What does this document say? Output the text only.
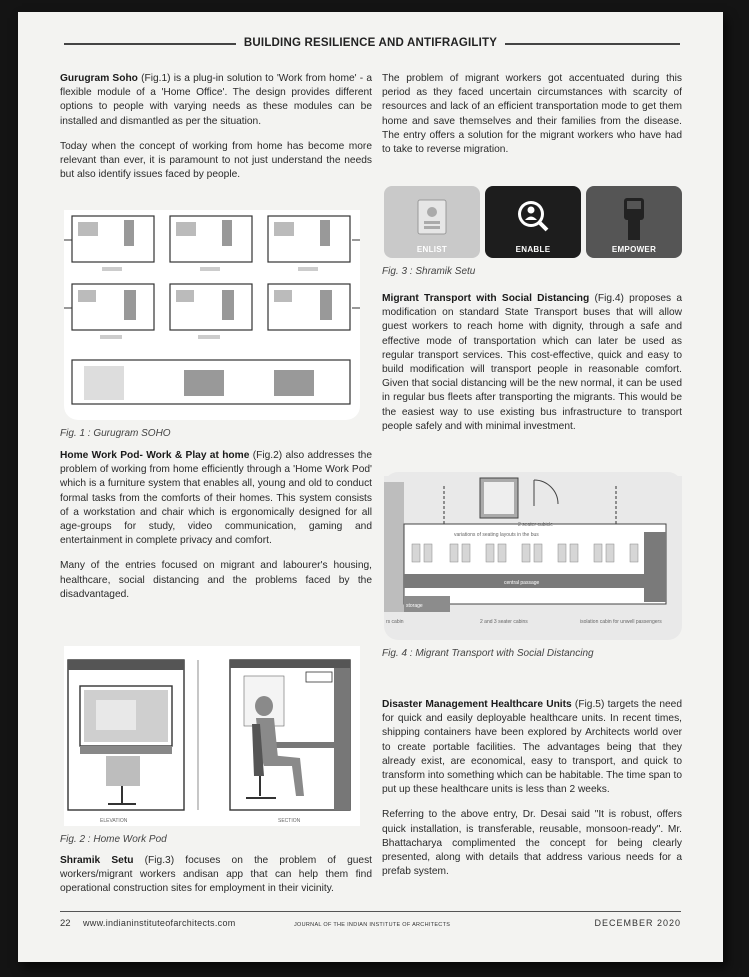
BUILDING RESILIENCE AND ANTIFRAGILITY

Gurugram Soho (Fig.1) is a plug-in solution to 'Work from home' - a flexible module of a 'Home Office'. The design provides different options to people with varying needs as these modules can be installed and dismantled as per the situation.

Today when the concept of working from home has become more relevant than ever, it is paramount to not just understand the needs but also identify issues faced by people.

Fig. 1 : Gurugram SOHO

Home Work Pod- Work & Play at home (Fig.2) also addresses the problem of working from home efficiently through a 'Home Work Pod' which is a furniture system that enables all, young and old to conduct formal tasks from the comforts of their homes. This system consists of a workstation and chair which is ergonomically designed for all age-groups for study, video communication, gaming and entertainment in complete privacy and comfort.

Many of the entries focused on migrant and labourer's housing, healthcare, social distancing and the problems faced by the disadvantaged.

ELEVATION	SECTION
Fig. 2 : Home Work Pod

Shramik Setu (Fig.3) focuses on the problem of guest workers/migrant workers andisan app that can help them find operational construction sites for employment in their vicinity.

The problem of migrant workers got accentuated during this period as they faced uncertain circumstances with scarcity of resources and lack of an efficient transportation mode to get them home and save themselves and their families from the disease. The entry offers a solution for the migrant workers who have had to take to reverse migration.

ENLIST	ENABLE	EMPOWER
Fig. 3 : Shramik Setu

Migrant Transport with Social Distancing (Fig.4) proposes a modification on standard State Transport buses that will allow guest workers to reach home with dignity, through a safe and effective mode of transportation which can later be used as regular transport services. This cost-effective, quick and easy to build modification will transport people in reasonable comfort. Given that social distancing will be the new normal, it can be used in regular bus fleets after transporting the migrants. This would be the easiest way to use existing bus infrastructure to transport people safely and with minimal investment.

variations of seating layouts in the bus
2 seater cubicle
central passage
storage
rs cabin	2 and 3 seater cabins	isolation cabin for unwell passengers
Fig. 4 : Migrant Transport with Social Distancing

Disaster Management Healthcare Units (Fig.5) targets the need for quick and easily deployable healthcare units. In recent times, shipping containers have been explored by Architects world over to create portable facilities. The advantages being that they already exist, are economical, easy to transport, and quick to transform into something which can be habitable. The time span to put up these healthcare units is less than 2 weeks.

Referring to the above entry, Dr. Desai said "It is robust, offers quick installation, is transferable, reusable, monsoon-ready". Mr. Bhattacharya complimented the concept for being clearly presented, along with details that address various needs for a prefab system.

22 www.indianinstituteofarchitects.com	JOURNAL OF THE INDIAN INSTITUTE OF ARCHITECTS	DECEMBER 2020
